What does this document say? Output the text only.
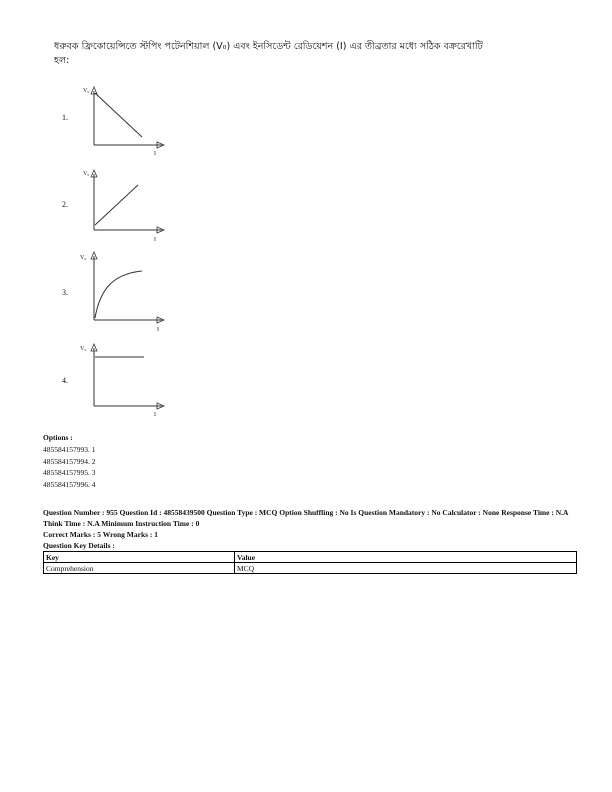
ধরুবক ফ্রিকোয়েন্সিতে স্টপিং পটেনশিয়াল (V₀) এবং ইনসিডেন্ট রেডিয়েশন (I) এর তীব্রতার মধ্যে সঠিক বক্ররেখাটি হল:
1.
V₀
I
2.
V₀
I
3.
V₀
I
4.
V₀
I
Options :
485584157993. 1
485584157994. 2
485584157995. 3
485584157996. 4
Question Number : 955 Question Id : 48558439500 Question Type : MCQ Option Shuffling : No Is Question Mandatory : No Calculator : None Response Time : N.A Think Time : N.A Minimum Instruction Time : 0
Correct Marks : 5 Wrong Marks : 1
Question Key Details :
Key	Value
Comprehension	MCQ
